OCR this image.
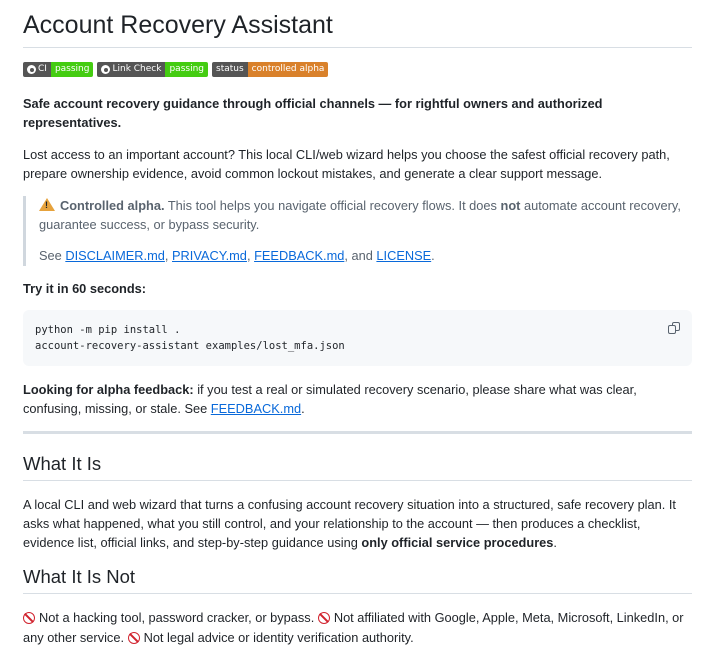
Account Recovery Assistant
CI passing	Link Check passing	status controlled alpha

Safe account recovery guidance through official channels — for rightful owners and authorized representatives.

Lost access to an important account? This local CLI/web wizard helps you choose the safest official recovery path, prepare ownership evidence, avoid common lockout mistakes, and generate a clear support message.

!Controlled alpha. This tool helps you navigate official recovery flows. It does not automate account recovery, guarantee success, or bypass security.

See DISCLAIMER.md, PRIVACY.md, FEEDBACK.md, and LICENSE.

Try it in 60 seconds:

python -m pip install .
account-recovery-assistant examples/lost_mfa.json

Looking for alpha feedback: if you test a real or simulated recovery scenario, please share what was clear, confusing, missing, or stale. See FEEDBACK.md.

What It Is

A local CLI and web wizard that turns a confusing account recovery situation into a structured, safe recovery plan. It asks what happened, what you still control, and your relationship to the account — then produces a checklist, evidence list, official links, and step-by-step guidance using only official service procedures.

What It Is Not

Not a hacking tool, password cracker, or bypass. Not affiliated with Google, Apple, Meta, Microsoft, LinkedIn, or any other service. Not legal advice or identity verification authority.
